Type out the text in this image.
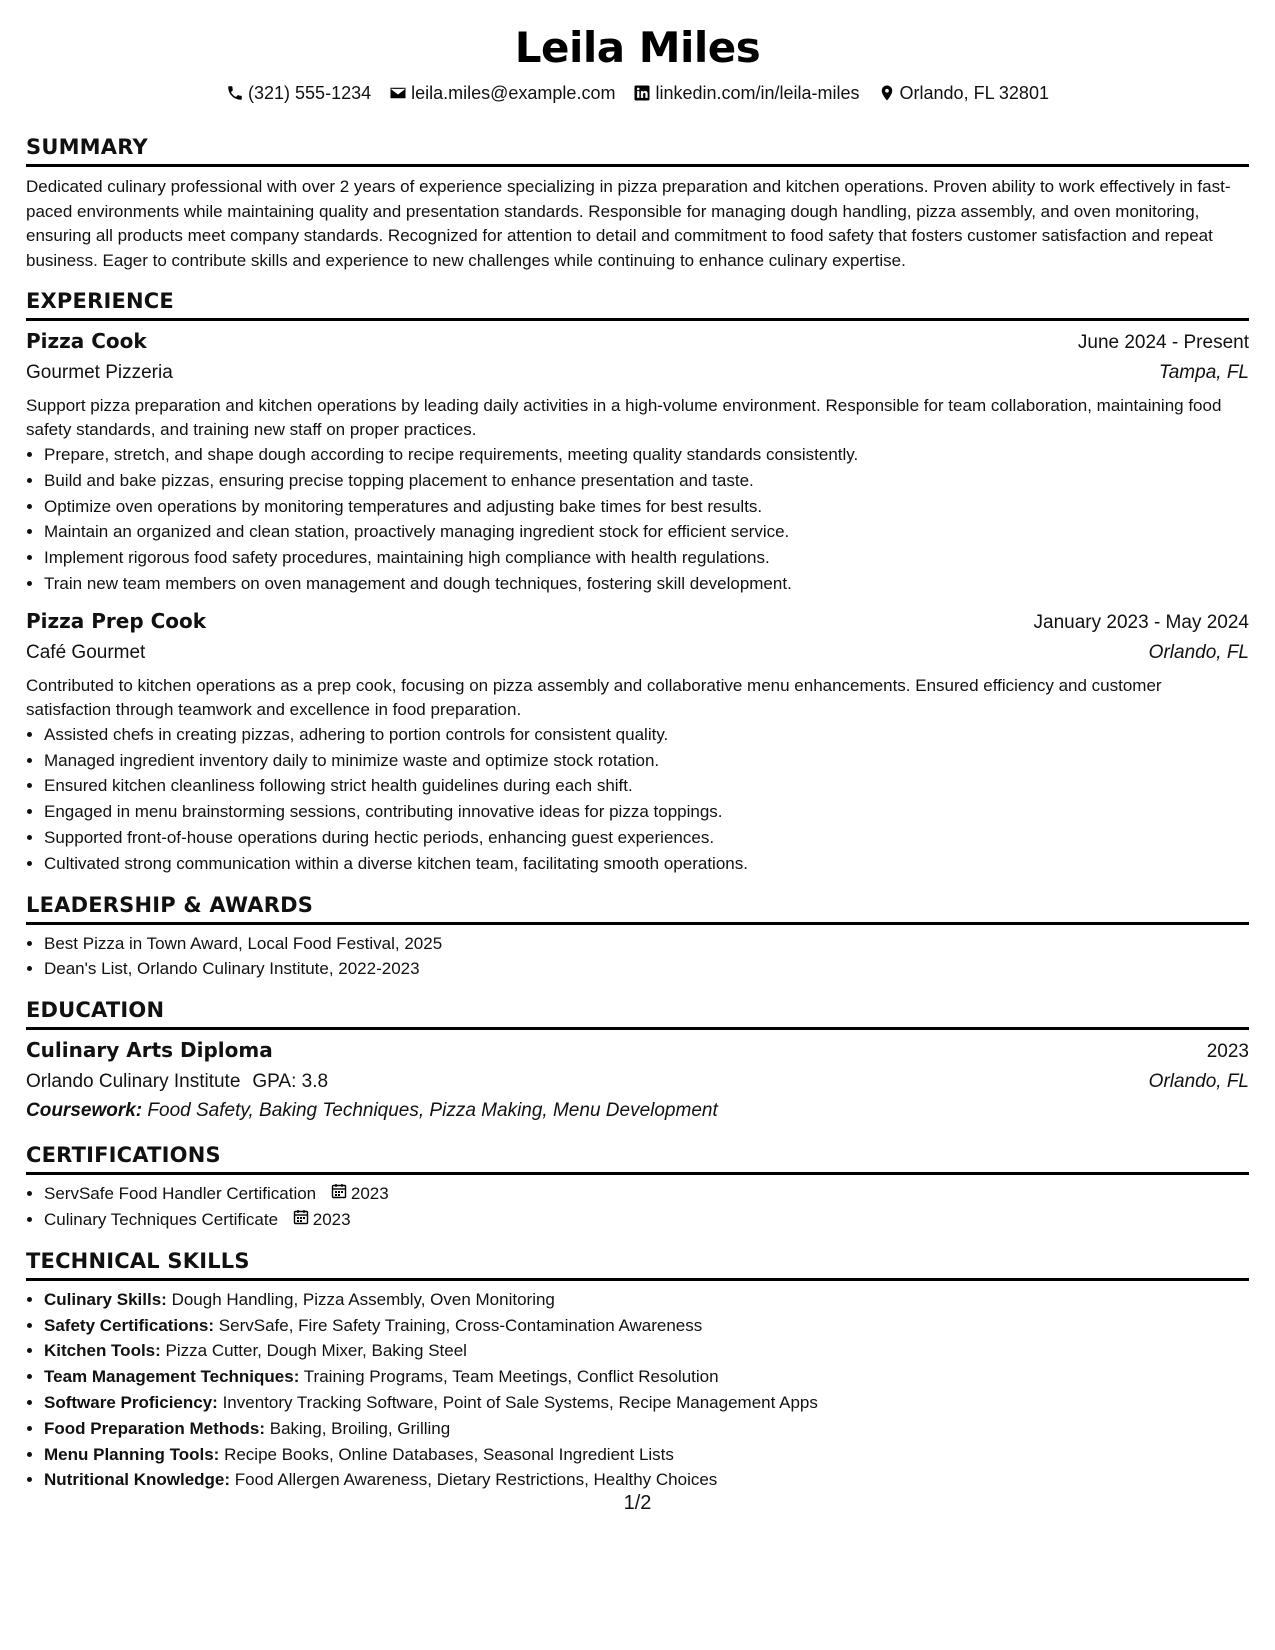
Leila Miles
(321) 555-1234 leila.miles@example.com linkedin.com/in/leila-miles Orlando, FL 32801
SUMMARY

Dedicated culinary professional with over 2 years of experience specializing in pizza preparation and kitchen operations. Proven ability to work effectively in fast-paced environments while maintaining quality and presentation standards. Responsible for managing dough handling, pizza assembly, and oven monitoring, ensuring all products meet company standards. Recognized for attention to detail and commitment to food safety that fosters customer satisfaction and repeat business. Eager to contribute skills and experience to new challenges while continuing to enhance culinary expertise.

EXPERIENCE
Pizza Cook	June 2024 - Present
Gourmet Pizzeria	Tampa, FL

Support pizza preparation and kitchen operations by leading daily activities in a high-volume environment. Responsible for team collaboration, maintaining food safety standards, and training new staff on proper practices.

• Prepare, stretch, and shape dough according to recipe requirements, meeting quality standards consistently.
• Build and bake pizzas, ensuring precise topping placement to enhance presentation and taste.
• Optimize oven operations by monitoring temperatures and adjusting bake times for best results.
• Maintain an organized and clean station, proactively managing ingredient stock for efficient service.
• Implement rigorous food safety procedures, maintaining high compliance with health regulations.
• Train new team members on oven management and dough techniques, fostering skill development.
Pizza Prep Cook	January 2023 - May 2024
Café Gourmet	Orlando, FL

Contributed to kitchen operations as a prep cook, focusing on pizza assembly and collaborative menu enhancements. Ensured efficiency and customer satisfaction through teamwork and excellence in food preparation.

• Assisted chefs in creating pizzas, adhering to portion controls for consistent quality.
• Managed ingredient inventory daily to minimize waste and optimize stock rotation.
• Ensured kitchen cleanliness following strict health guidelines during each shift.
• Engaged in menu brainstorming sessions, contributing innovative ideas for pizza toppings.
• Supported front-of-house operations during hectic periods, enhancing guest experiences.
• Cultivated strong communication within a diverse kitchen team, facilitating smooth operations.
LEADERSHIP & AWARDS
• Best Pizza in Town Award, Local Food Festival, 2025
• Dean's List, Orlando Culinary Institute, 2022-2023
EDUCATION
Culinary Arts Diploma	2023
Orlando Culinary Institute GPA: 3.8	Orlando, FL
Coursework: Food Safety, Baking Techniques, Pizza Making, Menu Development
CERTIFICATIONS
• ServSafe Food Handler Certification 2023
• Culinary Techniques Certificate 2023
TECHNICAL SKILLS
• Culinary Skills: Dough Handling, Pizza Assembly, Oven Monitoring
• Safety Certifications: ServSafe, Fire Safety Training, Cross-Contamination Awareness
• Kitchen Tools: Pizza Cutter, Dough Mixer, Baking Steel
• Team Management Techniques: Training Programs, Team Meetings, Conflict Resolution
• Software Proficiency: Inventory Tracking Software, Point of Sale Systems, Recipe Management Apps
• Food Preparation Methods: Baking, Broiling, Grilling
• Menu Planning Tools: Recipe Books, Online Databases, Seasonal Ingredient Lists
• Nutritional Knowledge: Food Allergen Awareness, Dietary Restrictions, Healthy Choices
1/2
